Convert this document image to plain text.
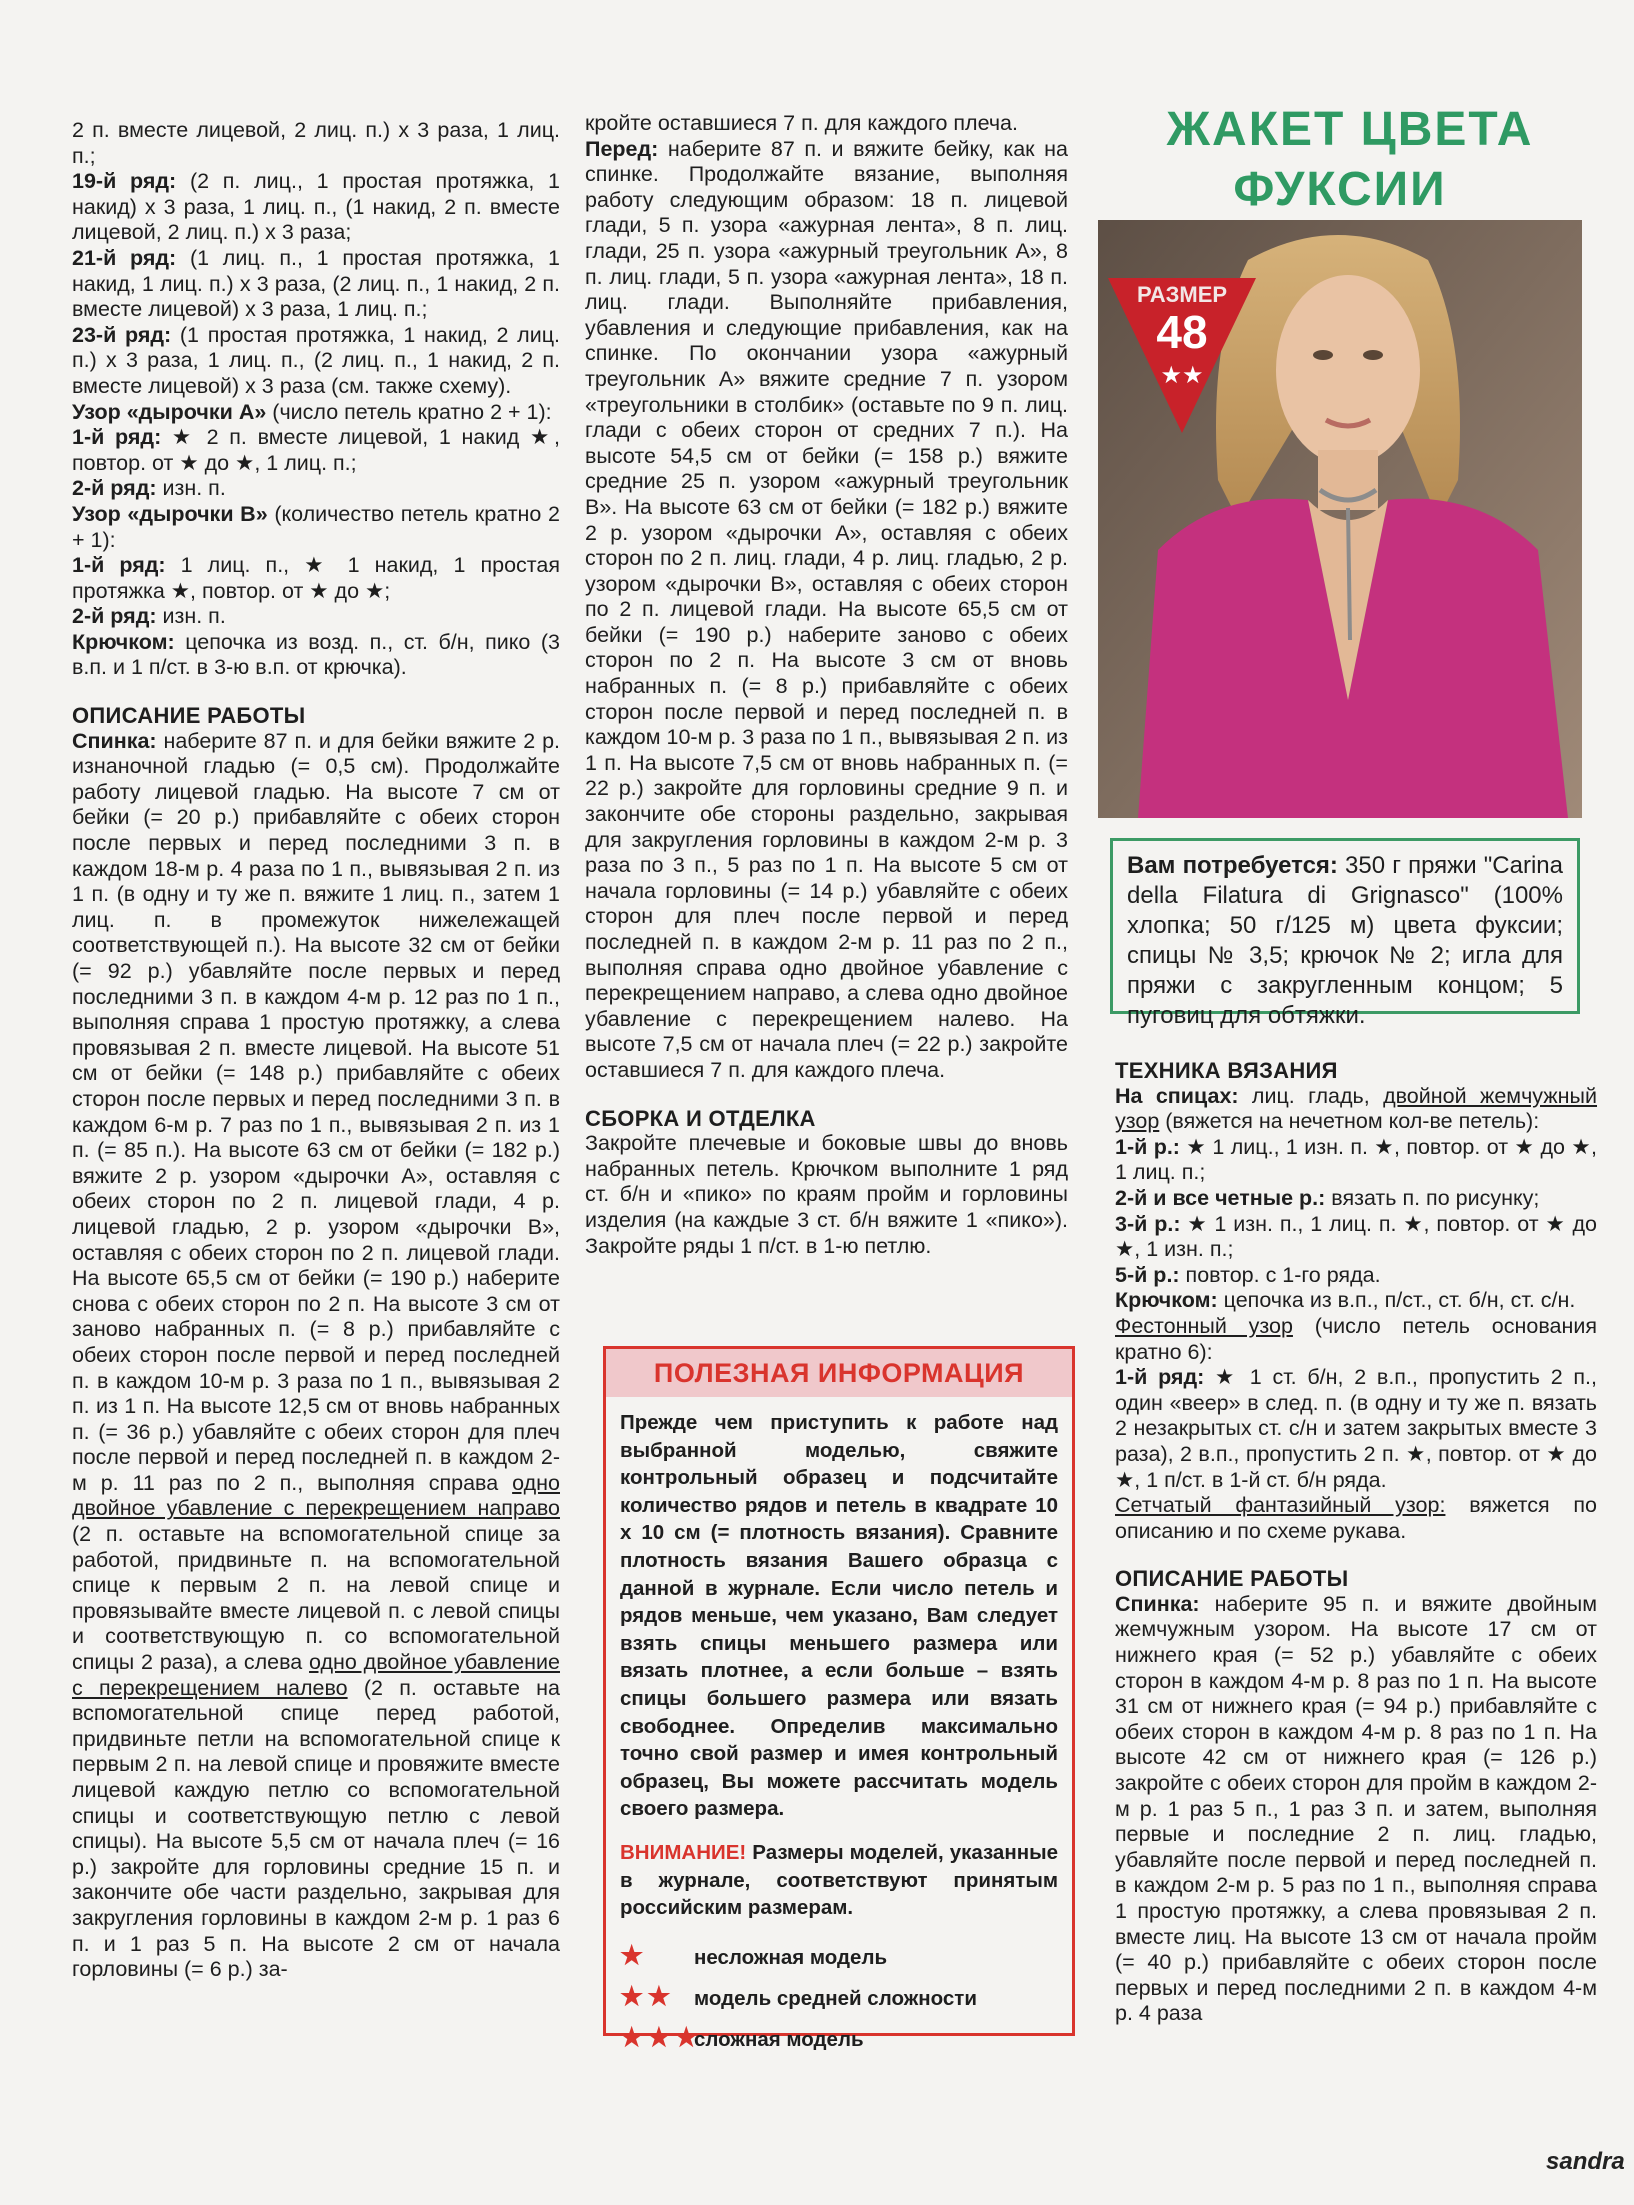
2 п. вместе лицевой, 2 лиц. п.) х 3 раза, 1 лиц. п.;

19-й ряд: (2 п. лиц., 1 простая протяжка, 1 накид) х 3 раза, 1 лиц. п., (1 накид, 2 п. вместе лицевой, 2 лиц. п.) х 3 раза;

21-й ряд: (1 лиц. п., 1 простая протяжка, 1 накид, 1 лиц. п.) х 3 раза, (2 лиц. п., 1 накид, 2 п. вместе лицевой) х 3 раза, 1 лиц. п.;

23-й ряд: (1 простая протяжка, 1 накид, 2 лиц. п.) х 3 раза, 1 лиц. п., (2 лиц. п., 1 накид, 2 п. вместе лицевой) х 3 раза (см. также схему).

Узор «дырочки А» (число петель кратно 2 + 1):

1-й ряд: ★ 2 п. вместе лицевой, 1 накид ★, повтор. от ★ до ★, 1 лиц. п.;

2-й ряд: изн. п.

Узор «дырочки В» (количество петель кратно 2 + 1):

1-й ряд: 1 лиц. п., ★ 1 накид, 1 простая протяжка ★, повтор. от ★ до ★;

2-й ряд: изн. п.

Крючком: цепочка из возд. п., ст. б/н, пико (3 в.п. и 1 п/ст. в 3-ю в.п. от крючка).

ОПИСАНИЕ РАБОТЫ

Спинка: наберите 87 п. и для бейки вяжите 2 р. изнаночной гладью (= 0,5 см). Продолжайте работу лицевой гладью. На высоте 7 см от бейки (= 20 р.) прибавляйте с обеих сторон после первых и перед последними 3 п. в каждом 18-м р. 4 раза по 1 п., вывязывая 2 п. из 1 п. (в одну и ту же п. вяжите 1 лиц. п., затем 1 лиц. п. в промежуток нижележащей соответствующей п.). На высоте 32 см от бейки (= 92 р.) убавляйте после первых и перед последними 3 п. в каждом 4-м р. 12 раз по 1 п., выполняя справа 1 простую протяжку, а слева провязывая 2 п. вместе лицевой. На высоте 51 см от бейки (= 148 р.) прибавляйте с обеих сторон после первых и перед последними 3 п. в каждом 6-м р. 7 раз по 1 п., вывязывая 2 п. из 1 п. (= 85 п.). На высоте 63 см от бейки (= 182 р.) вяжите 2 р. узором «дырочки А», оставляя с обеих сторон по 2 п. лицевой глади, 4 р. лицевой гладью, 2 р. узором «дырочки В», оставляя с обеих сторон по 2 п. лицевой глади. На высоте 65,5 см от бейки (= 190 р.) наберите снова с обеих сторон по 2 п. На высоте 3 см от заново набранных п. (= 8 р.) прибавляйте с обеих сторон после первой и перед последней п. в каждом 10-м р. 3 раза по 1 п., вывязывая 2 п. из 1 п. На высоте 12,5 см от вновь набранных п. (= 36 р.) убавляйте с обеих сторон для плеч после первой и перед последней п. в каждом 2-м р. 11 раз по 2 п., выполняя справа одно двойное убавление с перекрещением направо (2 п. оставьте на вспомогательной спице за работой, придвиньте п. на вспомогательной спице к первым 2 п. на левой спице и провязывайте вместе лицевой п. с левой спицы и соответствующую п. со вспомогательной спицы 2 раза), а слева одно двойное убавление с перекрещением налево (2 п. оставьте на вспомогательной спице перед работой, придвиньте петли на вспомогательной спице к первым 2 п. на левой спице и провяжите вместе лицевой каждую петлю со вспомогательной спицы и соответствующую петлю с левой спицы). На высоте 5,5 см от начала плеч (= 16 р.) закройте для горловины средние 15 п. и закончите обе части раздельно, закрывая для закругления горловины в каждом 2-м р. 1 раз 6 п. и 1 раз 5 п. На высоте 2 см от начала горловины (= 6 р.) за-

кройте оставшиеся 7 п. для каждого плеча.

Перед: наберите 87 п. и вяжите бейку, как на спинке. Продолжайте вязание, выполняя работу следующим образом: 18 п. лицевой глади, 5 п. узора «ажурная лента», 8 п. лиц. глади, 25 п. узора «ажурный треугольник А», 8 п. лиц. глади, 5 п. узора «ажурная лента», 18 п. лиц. глади. Выполняйте прибавления, убавления и следующие прибавления, как на спинке. По окончании узора «ажурный треугольник А» вяжите средние 7 п. узором «треугольники в столбик» (оставьте по 9 п. лиц. глади с обеих сторон от средних 7 п.). На высоте 54,5 см от бейки (= 158 р.) вяжите средние 25 п. узором «ажурный треугольник В». На высоте 63 см от бейки (= 182 р.) вяжите 2 р. узором «дырочки А», оставляя с обеих сторон по 2 п. лиц. глади, 4 р. лиц. гладью, 2 р. узором «дырочки В», оставляя с обеих сторон по 2 п. лицевой глади. На высоте 65,5 см от бейки (= 190 р.) наберите заново с обеих сторон по 2 п. На высоте 3 см от вновь набранных п. (= 8 р.) прибавляйте с обеих сторон после первой и перед последней п. в каждом 10-м р. 3 раза по 1 п., вывязывая 2 п. из 1 п. На высоте 7,5 см от вновь набранных п. (= 22 р.) закройте для горловины средние 9 п. и закончите обе стороны раздельно, закрывая для закругления горловины в каждом 2-м р. 3 раза по 3 п., 5 раз по 1 п. На высоте 5 см от начала горловины (= 14 р.) убавляйте с обеих сторон для плеч после первой и перед последней п. в каждом 2-м р. 11 раз по 2 п., выполняя справа одно двойное убавление с перекрещением направо, а слева одно двойное убавление с перекрещением налево. На высоте 7,5 см от начала плеч (= 22 р.) закройте оставшиеся 7 п. для каждого плеча.

СБОРКА И ОТДЕЛКА

Закройте плечевые и боковые швы до вновь набранных петель. Крючком выполните 1 ряд ст. б/н и «пико» по краям пройм и горловины изделия (на каждые 3 ст. б/н вяжите 1 «пико»). Закройте ряды 1 п/ст. в 1-ю петлю.

ПОЛЕЗНАЯ ИНФОРМАЦИЯ
Прежде чем приступить к работе над выбранной моделью, свяжите контрольный образец и подсчитайте количество рядов и петель в квадрате 10 х 10 см (= плотность вязания). Сравните плотность вязания Вашего образца с данной в журнале. Если число петель и рядов меньше, чем указано, Вам следует взять спицы меньшего размера или вязать плотнее, а если больше – взять спицы большего размера или вязать свободнее. Определив максимально точно свой размер и имея контрольный образец, Вы можете рассчитать модель своего размера.
ВНИМАНИЕ! Размеры моделей, указанные в журнале, соответствуют принятым российским размерам.
★ несложная модель
★★ модель средней сложности
★★★сложная модель
ЖАКЕТ ЦВЕТА
ФУКСИИ
РАЗМЕР
48
★★
Вам потребуется: 350 г пряжи "Carina della Filatura di Grignasco" (100% хлопка; 50 г/125 м) цвета фуксии; спицы № 3,5; крючок № 2; игла для пряжи с закругленным концом; 5 пуговиц для обтяжки.

ТЕХНИКА ВЯЗАНИЯ

На спицах: лиц. гладь, двойной жемчужный узор (вяжется на нечетном кол-ве петель):

1-й р.: ★ 1 лиц., 1 изн. п. ★, повтор. от ★ до ★, 1 лиц. п.;

2-й и все четные р.: вязать п. по рисунку;

3-й р.: ★ 1 изн. п., 1 лиц. п. ★, повтор. от ★ до ★, 1 изн. п.;

5-й р.: повтор. с 1-го ряда.

Крючком: цепочка из в.п., п/ст., ст. б/н, ст. с/н.

Фестонный узор (число петель основания кратно 6):

1-й ряд: ★ 1 ст. б/н, 2 в.п., пропустить 2 п., один «веер» в след. п. (в одну и ту же п. вязать 2 незакрытых ст. с/н и затем закрытых вместе 3 раза), 2 в.п., пропустить 2 п. ★, повтор. от ★ до ★, 1 п/ст. в 1-й ст. б/н ряда.

Сетчатый фантазийный узор: вяжется по описанию и по схеме рукава.

ОПИСАНИЕ РАБОТЫ

Спинка: наберите 95 п. и вяжите двойным жемчужным узором. На высоте 17 см от нижнего края (= 52 р.) убавляйте с обеих сторон в каждом 4-м р. 8 раз по 1 п. На высоте 31 см от нижнего края (= 94 р.) прибавляйте с обеих сторон в каждом 4-м р. 8 раз по 1 п. На высоте 42 см от нижнего края (= 126 р.) закройте с обеих сторон для пройм в каждом 2-м р. 1 раз 5 п., 1 раз 3 п. и затем, выполняя первые и последние 2 п. лиц. гладью, убавляйте после первой и перед последней п. в каждом 2-м р. 5 раз по 1 п., выполняя справа 1 простую протяжку, а слева провязывая 2 п. вместе лиц. На высоте 13 см от начала пройм (= 40 р.) прибавляйте с обеих сторон после первых и перед последними 2 п. в каждом 4-м р. 4 раза

sandra
